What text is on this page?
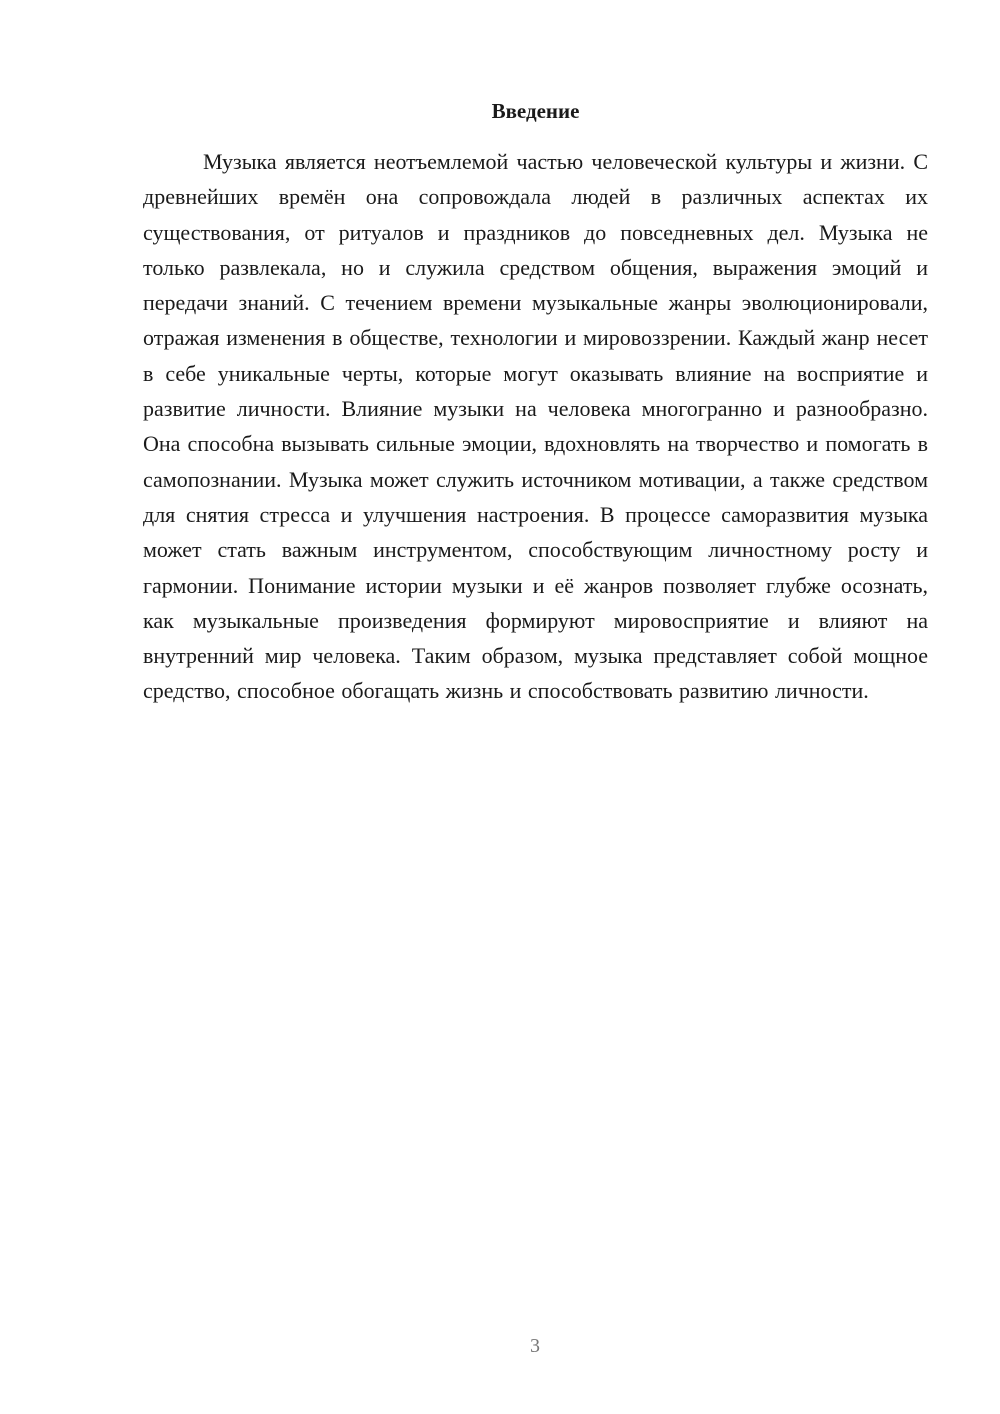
Введение

Музыка является неотъемлемой частью человеческой культуры и жизни. С древнейших времён она сопровождала людей в различных аспектах их существования, от ритуалов и праздников до повседневных дел. Музыка не только развлекала, но и служила средством общения, выражения эмоций и передачи знаний. С течением времени музыкальные жанры эволюционировали, отражая изменения в обществе, технологии и мировоззрении. Каждый жанр несет в себе уникальные черты, которые могут оказывать влияние на восприятие и развитие личности. Влияние музыки на человека многогранно и разнообразно. Она способна вызывать сильные эмоции, вдохновлять на творчество и помогать в самопознании. Музыка может служить источником мотивации, а также средством для снятия стресса и улучшения настроения. В процессе саморазвития музыка может стать важным инструментом, способствующим личностному росту и гармонии. Понимание истории музыки и её жанров позволяет глубже осознать, как музыкальные произведения формируют мировосприятие и влияют на внутренний мир человека. Таким образом, музыка представляет собой мощное средство, способное обогащать жизнь и способствовать развитию личности.

3
